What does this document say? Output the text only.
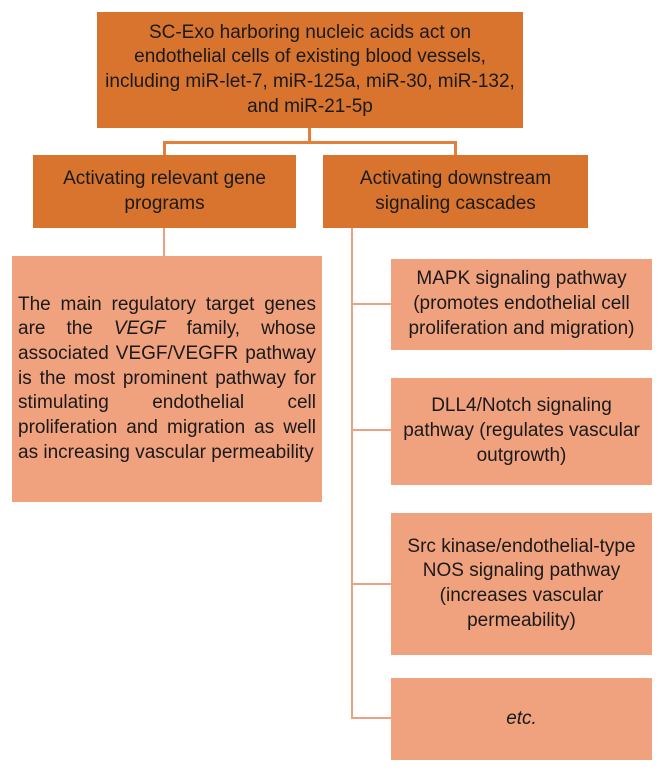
SC-Exo harboring nucleic acids act on endothelial cells of existing blood vessels, including miR-let-7, miR-125a, miR-30, miR-132, and miR-21-5p
Activating relevant gene programs
Activating downstream signaling cascades

The main regulatory target genes are the VEGF family, whose associated VEGF/VEGFR pathway is the most prominent pathway for stimulating endothelial cell proliferation and migration as well as increasing vascular permeability

MAPK signaling pathway (promotes endothelial cell proliferation and migration)
DLL4/Notch signaling pathway (regulates vascular outgrowth)
Src kinase/endothelial-type NOS signaling pathway (increases vascular permeability)
etc.
